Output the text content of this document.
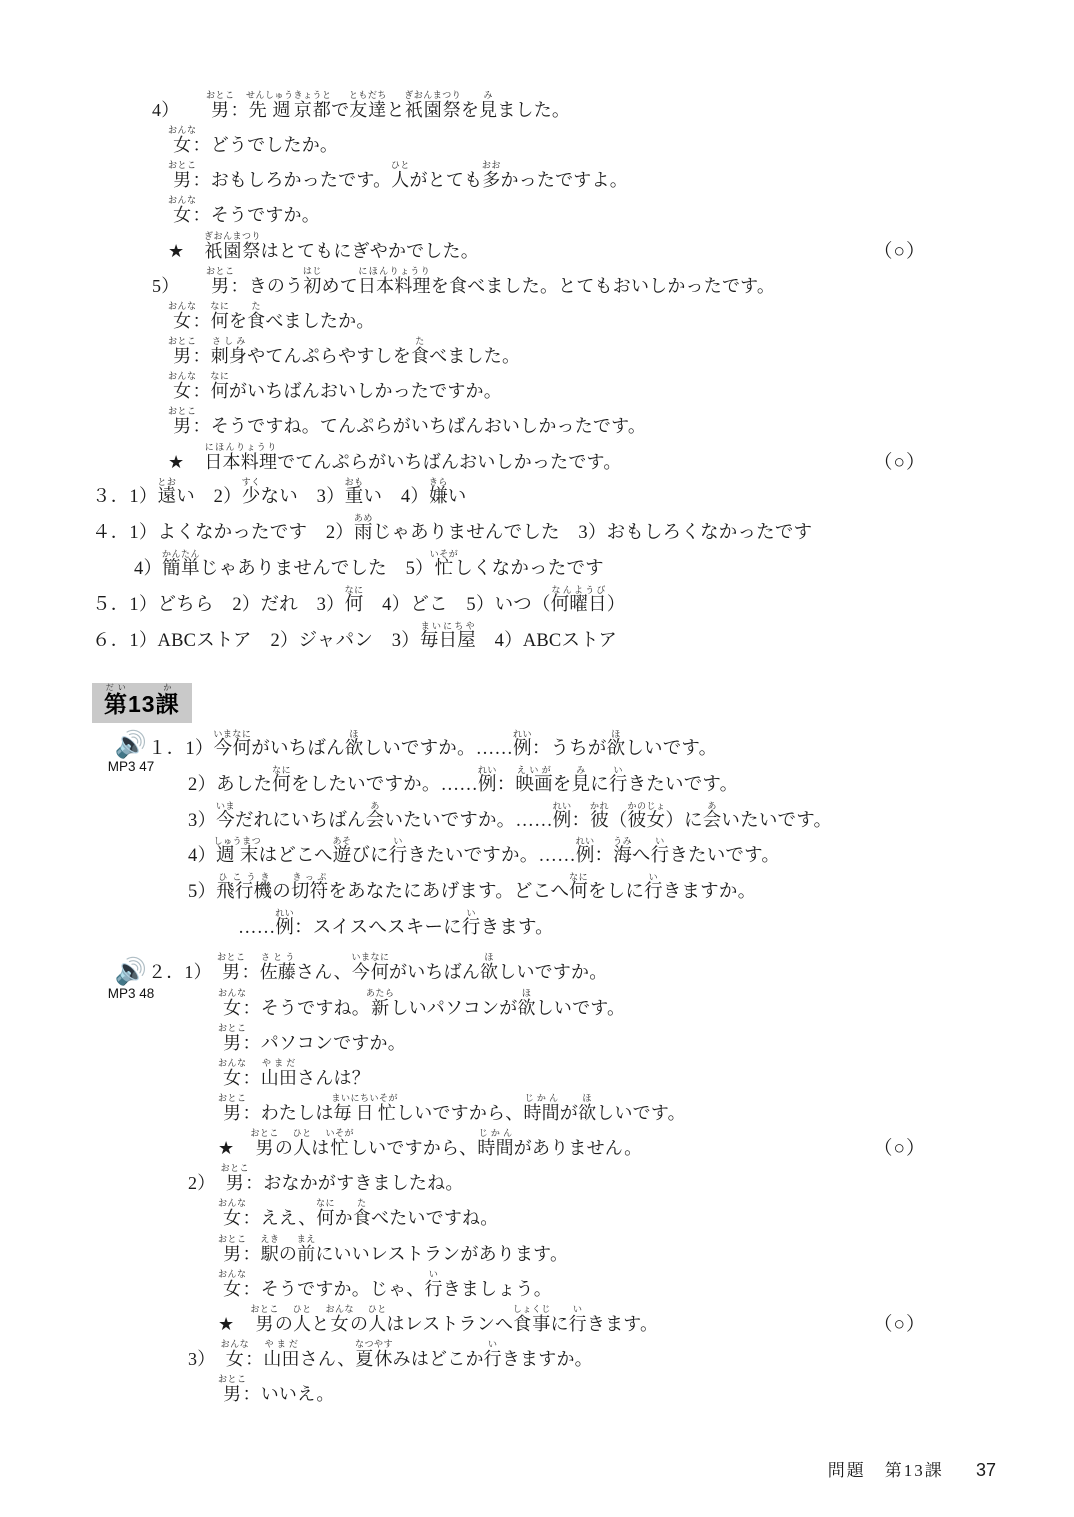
4） 男おとこ：先週せんしゅう京都きょうとで友達ともだちと祇園祭ぎおんまつりを見みました。
女おんな：どうでしたか。
男おとこ：おもしろかったです。人ひとがとても多おおかったですよ。
女おんな：そうですか。
★　 祇園祭ぎおんまつりはとてもにぎやかでした。	（○）
5） 男おとこ：きのう初はじめて日本料理にほんりょうりを食べました。とてもおいしかったです。
女おんな：何なにを食たべましたか。
男おとこ：刺身さしみやてんぷらやすしを食たべました。
女おんな：何なにがいちばんおいしかったですか。
男おとこ：そうですね。てんぷらがいちばんおいしかったです。
★　 日本料理にほんりょうりでてんぷらがいちばんおいしかったです。	（○）
３．1）遠とおい　2）少すくない　3）重おもい　4）嫌きらい
４．1）よくなかったです　2）雨あめじゃありませんでした　3）おもしろくなかったです
4）簡単かんたんじゃありませんでした　5）忙いそがしくなかったです
５．1）どちら　2）だれ　3）何なに　4）どこ　5）いつ（何曜日なんようび）
６．1）ABCストア　2）ジャパン　3）毎日屋まいにちや　4）ABCストア
第だい13課か
🔊
MP3 47
１．1）今いま何なにがいちばん欲ほしいですか。……例れい：うちが欲ほしいです。
2）あした何なにをしたいですか。……例れい：映画えいがを見みに行いきたいです。
3）今いまだれにいちばん会あいたいですか。……例れい：彼かれ（彼女かのじょ）に会あいたいです。
4）週末しゅうまつはどこへ遊あそびに行いきたいですか。……例れい：海うみへ行いきたいです。
5）飛行機ひこうきの切符きっぷをあなたにあげます。どこへ何なにをしに行いきますか。
……例れい：スイスへスキーに行いきます。
🔊
MP3 48
２．1）　男おとこ：佐藤さとうさん、今何いまなにがいちばん欲ほしいですか。
女おんな：そうですね。新あたらしいパソコンが欲ほしいです。
男おとこ：パソコンですか。
女おんな：山田やまださんは？
男おとこ：わたしは毎日忙まいにちいそがしいですから、時間じかんが欲ほしいです。
★　 男おとこの人ひとは忙いそがしいですから、時間じかんがありません。	（○）
2）　 男おとこ：おなかがすきましたね。
女おんな：ええ、何なにか食たべたいですね。
男おとこ：駅えきの前まえにいいレストランがあります。
女おんな：そうですか。じゃ、行いきましょう。
★　 男おとこの人ひとと女おんなの人ひとはレストランへ食事しょくじに行いきます。	（○）
3）　 女おんな：山田やまださん、夏休なつやすみはどこか行いきますか。
男おとこ：いいえ。
問題　第13課 37
